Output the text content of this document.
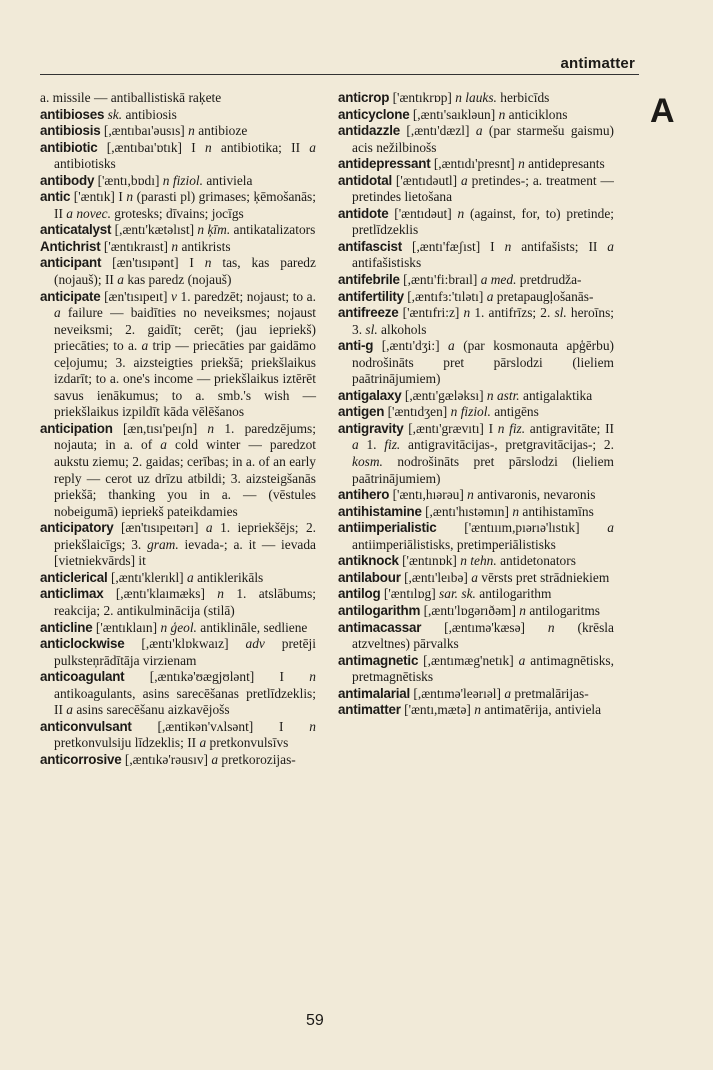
antimatter
A

a. missile — antiballistiskā raķete

antibioses sk. antibiosis

antibiosis [,æntıbaı'əusıs] n antibioze

antibiotic [,æntıbaı'ɒtık] I n antibiotika; II a antibiotisks

antibody ['æntı,bɒdı] n fiziol. antiviela

antic ['æntık] I n (parasti pl) grimases; ķēmošanās; II a novec. grotesks; dīvains; jocīgs

anticatalyst [,æntı'kætəlıst] n ķīm. antikatalizators

Antichrist ['æntıkraıst] n antikrists

anticipant [æn'tısıpənt] I n tas, kas paredz (nojauš); II a kas paredz (nojauš)

anticipate [æn'tısıpeıt] v 1. paredzēt; nojaust; to a. a failure — baidīties no neveiksmes; nojaust neveiksmi; 2. gaidīt; cerēt; (jau iepriekš) priecāties; to a. a trip — priecāties par gaidāmo ceļojumu; 3. aizsteigties priekšā; priekšlaikus izdarīt; to a. one's income — priekšlaikus iztērēt savus ienākumus; to a. smb.'s wish — priekšlaikus izpildīt kāda vēlēšanos

anticipation [æn,tısı'peıʃn] n 1. paredzējums; nojauta; in a. of a cold winter — paredzot aukstu ziemu; 2. gaidas; cerības; in a. of an early reply — cerot uz drīzu atbildi; 3. aizsteigšanās priekšā; thanking you in a. — (vēstules nobeigumā) iepriekš pateikdamies

anticipatory [æn'tısıpeıtərı] a 1. iepriekšējs; 2. priekšlaicīgs; 3. gram. ievada-; a. it — ievada [vietniekvārds] it

anticlerical [,æntı'klerıkl] a antiklerikāls

anticlimax [,æntı'klaımæks] n 1. atslābums; reakcija; 2. antikulminācija (stilā)

anticline ['æntıklaın] n ģeol. antiklināle, sedliene

anticlockwise [,æntı'klɒkwaız] adv pretēji pulksteņrādītāja virzienam

anticoagulant [,æntıkə'ʊægjʊlənt] I n antikoagulants, asins sarecēšanas pretlīdzeklis; II a asins sarecēšanu aizkavējošs

anticonvulsant [,æntikən'vʌlsənt] I n pretkonvulsiju līdzeklis; II a pretkonvulsīvs

anticorrosive [,æntıkə'rəusıv] a pretkorozijas-

anticrop ['æntıkrɒp] n lauks. herbicīds

anticyclone [,æntı'saıkləun] n anticiklons

antidazzle [,æntı'dæzl] a (par starmešu gaismu) acis nežilbinošs

antidepressant [,æntıdı'presnt] n antidepresants

antidotal ['æntıdəutl] a pretindes-; a. treatment — pretindes lietošana

antidote ['æntıdəut] n (against, for, to) pretinde; pretlīdzeklis

antifascist [,æntı'fæʃıst] I n antifašists; II a antifašistisks

antifebrile [,æntı'fi:braıl] a med. pretdrudža-

antifertility [,æntıfɜ:'tılətı] a pretapaugļošanās-

antifreeze ['æntıfri:z] n 1. antifrīzs; 2. sl. heroīns; 3. sl. alkohols

anti-g [,æntı'dʒi:] a (par kosmonauta apģērbu) nodrošināts pret pārslodzi (lieliem paātrinājumiem)

antigalaxy [,æntı'gæləksı] n astr. antigalaktika

antigen ['æntıdʒen] n fiziol. antigēns

antigravity [,æntı'grævıtı] I n fiz. antigravitāte; II a 1. fiz. antigravitācijas-, pretgravitācijas-; 2. kosm. nodrošināts pret pārslodzi (lieliem paātrinājumiem)

antihero ['æntı,hıərəu] n antivaronis, nevaronis

antihistamine [,æntı'hıstəmın] n antihistamīns

antiimperialistic ['æntııım,pıərıə'lıstık] a antiimperiālistisks, pretimperiālistisks

antiknock ['æntınɒk] n tehn. antidetonators

antilabour [,æntı'leıbə] a vērsts pret strādniekiem

antilog ['æntılɒg] sar. sk. antilogarithm

antilogarithm [,æntı'lɒgərıðəm] n antilogaritms

antimacassar [,æntımə'kæsə] n (krēsla atzveltnes) pārvalks

antimagnetic [,æntımæg'netık] a antimagnētisks, pretmagnētisks

antimalarial [,æntımə'leərıəl] a pretmalārijas-

antimatter ['æntı,mætə] n antimatērija, antiviela

59
